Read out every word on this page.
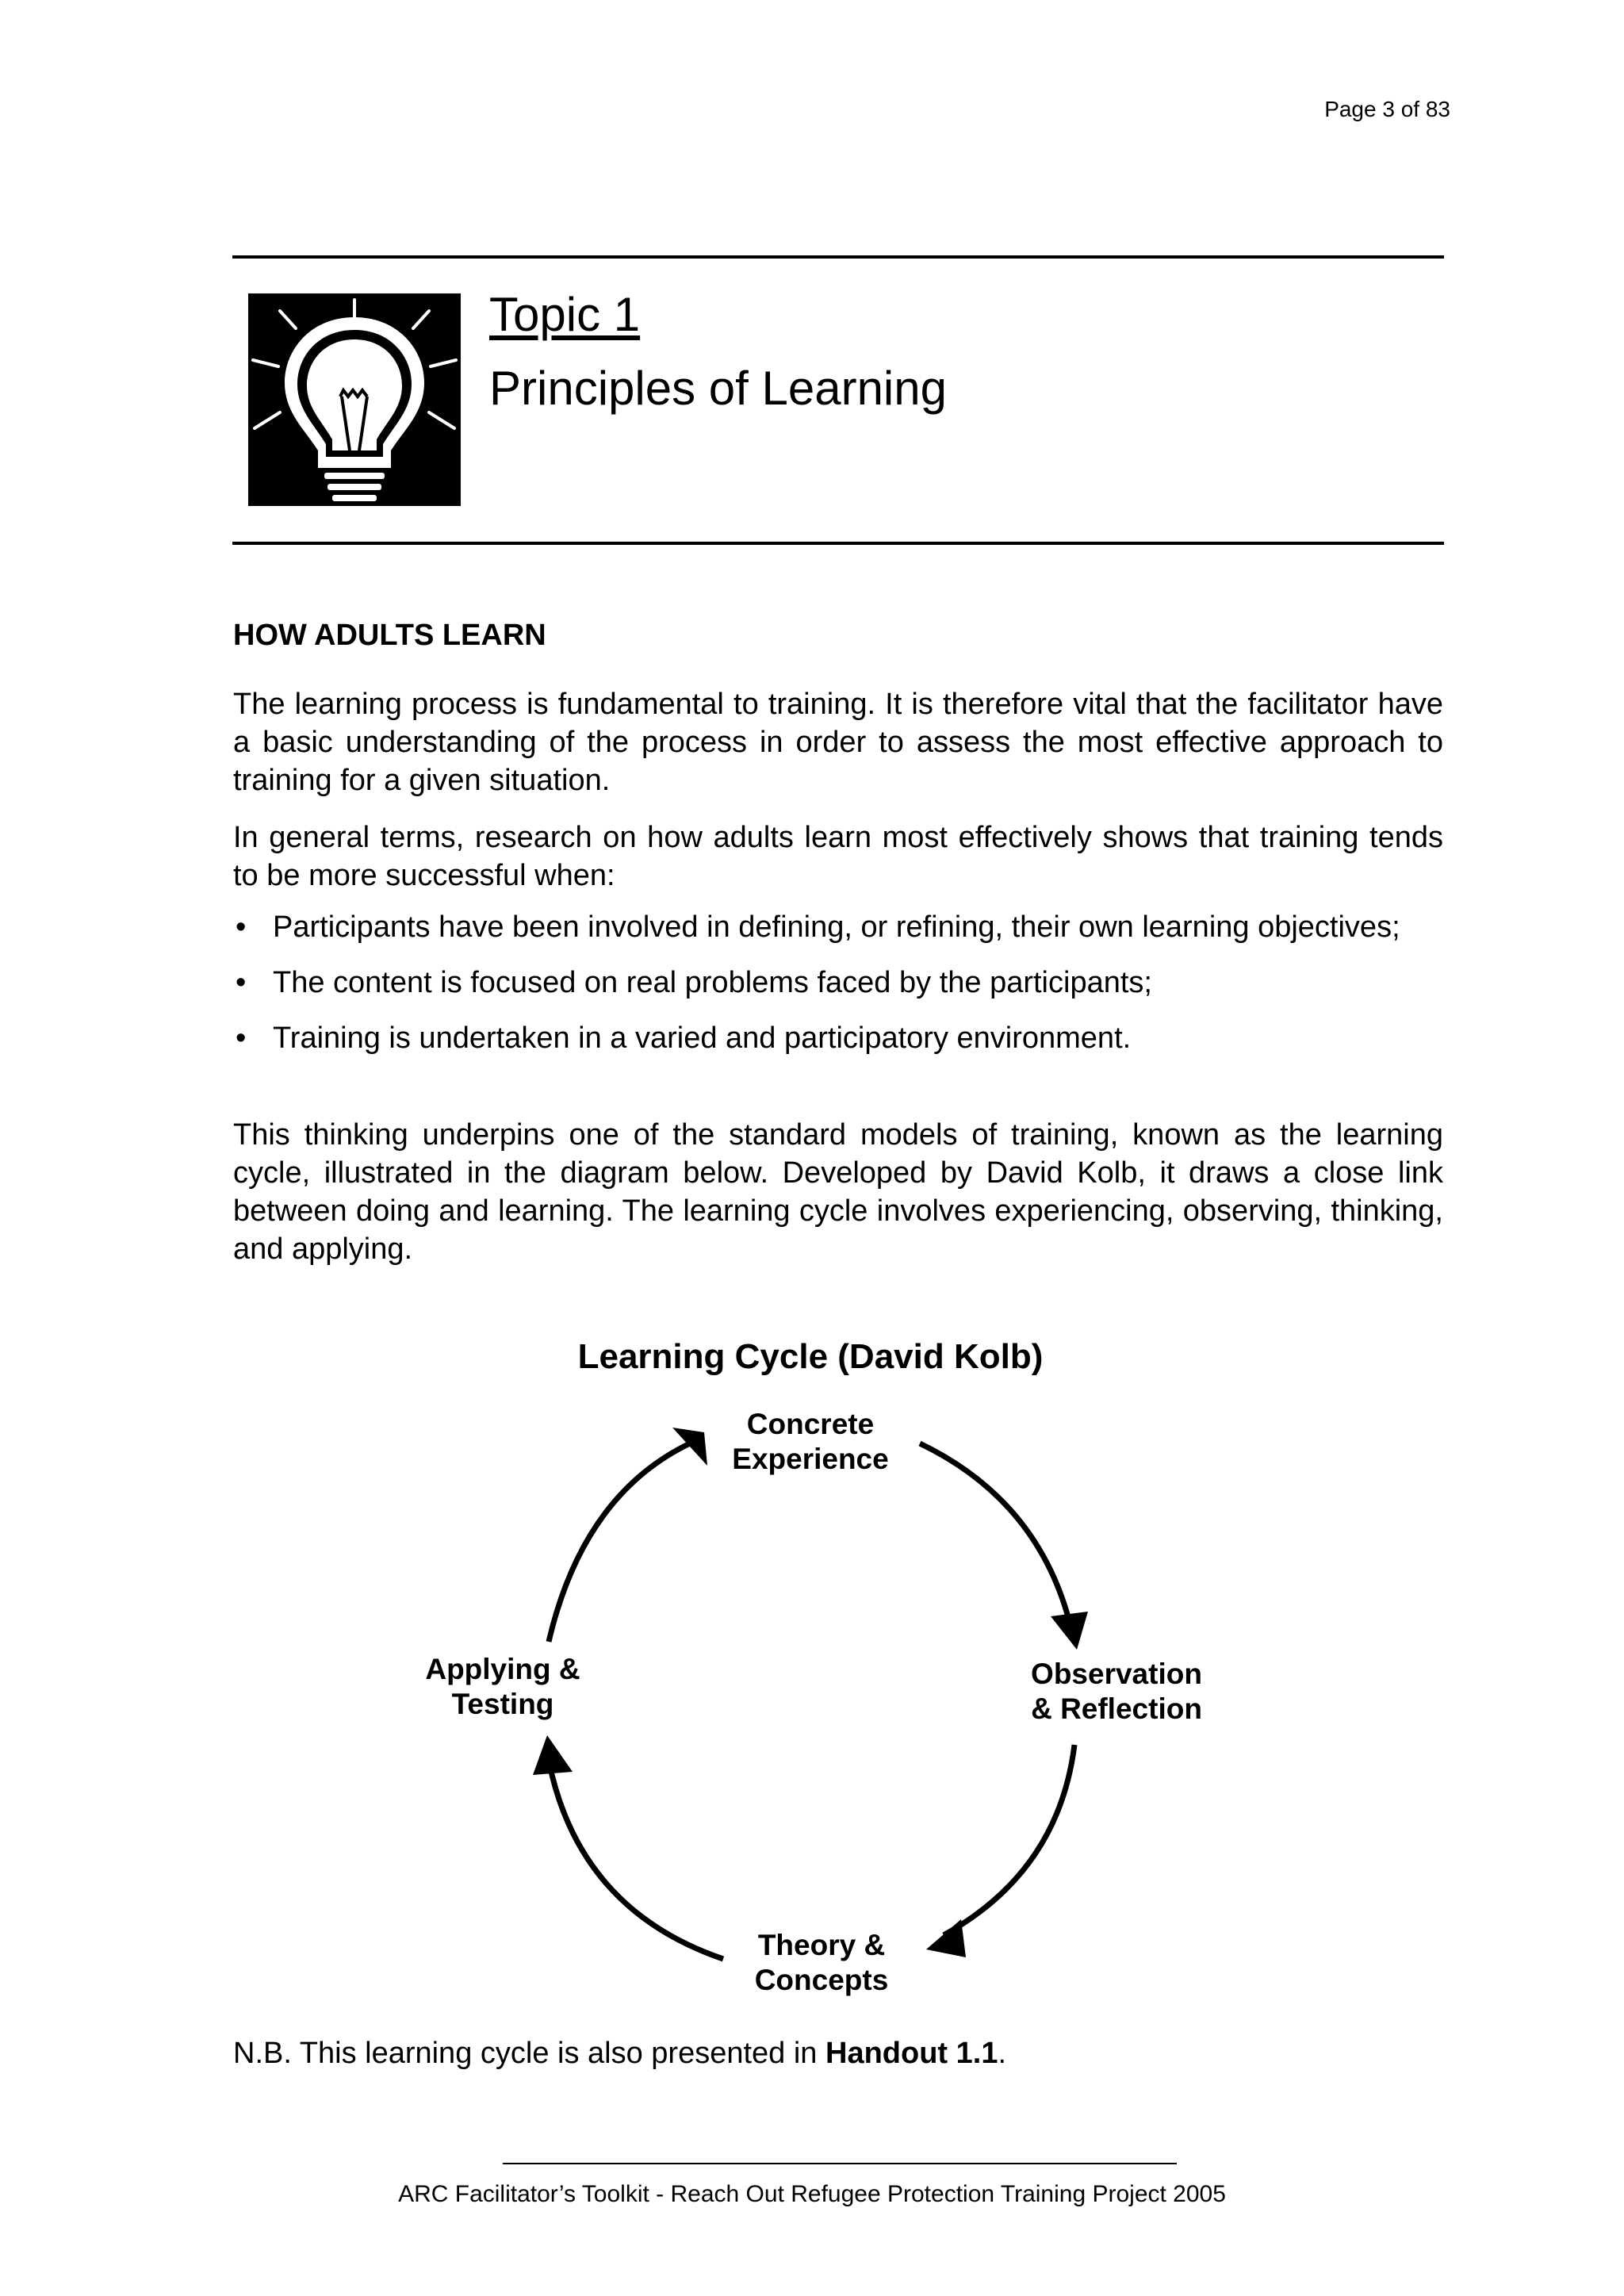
Page 3 of 83
Topic 1
Principles of Learning
HOW ADULTS LEARN
The learning process is fundamental to training. It is therefore vital that the facilitator have a basic understanding of the process in order to assess the most effective approach to training for a given situation.
In general terms, research on how adults learn most effectively shows that training tends to be more successful when:
• Participants have been involved in defining, or refining, their own learning objectives;
• The content is focused on real problems faced by the participants;
• Training is undertaken in a varied and participatory environment.
This thinking underpins one of the standard models of training, known as the learning cycle, illustrated in the diagram below. Developed by David Kolb, it draws a close link between doing and learning. The learning cycle involves experiencing, observing, thinking, and applying.
Learning Cycle (David Kolb)
Concrete
Experience
Observation
& Reflection
Theory &
Concepts
Applying &
Testing
N.B. This learning cycle is also presented in Handout 1.1.
ARC Facilitator’s Toolkit - Reach Out Refugee Protection Training Project 2005
